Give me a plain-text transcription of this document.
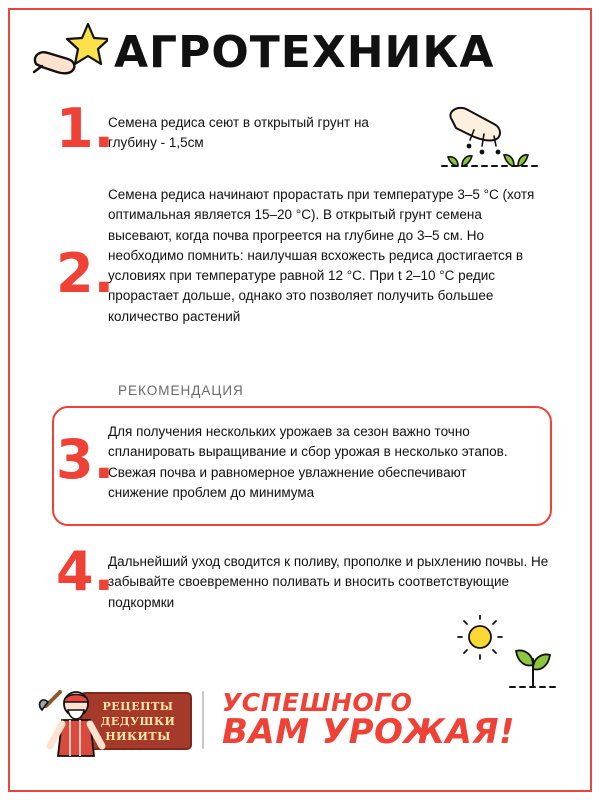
АГРОТЕХНИКА
1.
Семена редиса сеют в открытый грунт на глубину - 1,5см
2.
Семена редиса начинают прорастать при температуре 3–5 °C (хотя оптимальная является 15–20 °C). В открытый грунт семена высевают, когда почва прогреется на глубине до 3–5 см. Но необходимо помнить: наилучшая всхожесть редиса достигается в условиях при температуре равной 12 °C. При t 2–10 °C редис прорастает дольше, однако это позволяет получить большее количество растений
РЕКОМЕНДАЦИЯ
3.
Для получения нескольких урожаев за сезон важно точно спланировать выращивание и сбор урожая в несколько этапов. Свежая почва и равномерное увлажнение обеспечивают снижение проблем до минимума
4.
Дальнейший уход сводится к поливу, прополке и рыхлению почвы. Не забывайте своевременно поливать и вносить соответствующие подкормки
РЕЦЕПТЫ
ДЕДУШКИ
НИКИТЫ
УСПЕШНОГО
ВАМ УРОЖАЯ!
